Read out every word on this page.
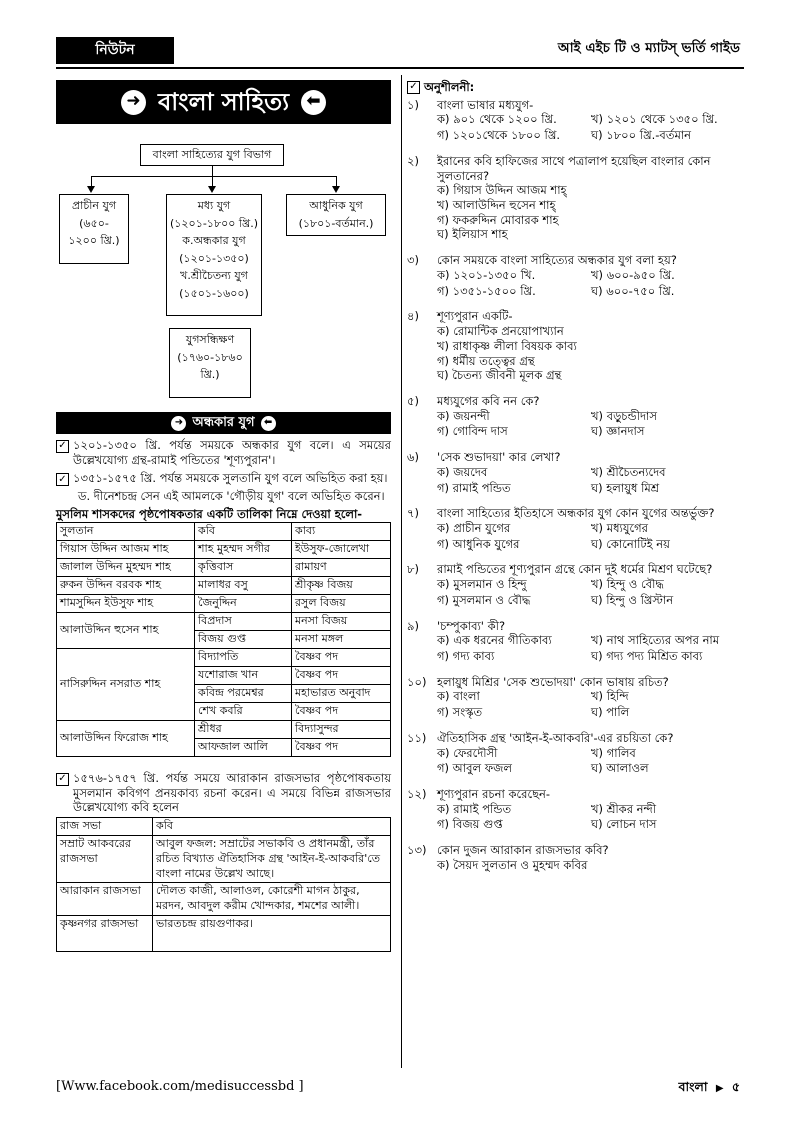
নিউটন	আই এইচ টি ও ম্যাটস্ ভর্তি গাইড
➜ বাংলা সাহিত্য	⬅
বাংলা সাহিত্যের যুগ বিভাগ
প্রাচীন যুগ
(৬৫০-
১২০০ খ্রি.)
মধ্য যুগ
(১২০১-১৮০০ খ্রি.)
ক.অন্ধকার যুগ
(১২০১-১৩৫০)
খ.শ্রীচৈতন্য যুগ
(১৫০১-১৬০০)
আধুনিক যুগ
(১৮০১-বর্তমান.)
যুগসন্ধিক্ষণ
(১৭৬০-১৮৬০
খ্রি.)
➜ অন্ধকার যুগ ⬅
✓ ১২০১-১৩৫০ খ্রি. পর্যন্ত সময়কে অন্ধকার যুগ বলে। এ সময়ের উল্লেখযোগ্য গ্রন্থ-রামাই পন্ডিতের 'শূণ্যপুরান'।
✓ ১৩৫১-১৫৭৫ খ্রি. পর্যন্ত সময়কে সুলতানি যুগ বলে অভিহিত করা হয়।
ড. দীনেশচন্দ্র সেন এই আমলকে 'গৌড়ীয় যুগ' বলে অভিহিত করেন।
মুসলিম শাসকদের পৃষ্ঠপোষকতার একটি তালিকা নিম্নে দেওয়া হলো-
সুলতান	কবি	কাব্য
গিয়াস উদ্দিন আজম শাহ	শাহ মুহম্মদ সগীর	ইউসুফ-জোলেখা
জালাল উদ্দিন মুহম্মদ শাহ	কৃত্তিবাস	রামায়ণ
রুকন উদ্দিন বরবক শাহ	মালাধর বসু	শ্রীকৃষ্ণ বিজয়
শামসুদ্দিন ইউসুফ শাহ	জৈনুদ্দিন	রসুল বিজয়
আলাউদ্দিন হুসেন শাহ	বিপ্রদাস	মনসা বিজয়
	বিজয় গুপ্ত	মনসা মঙ্গল
নাসিরুদ্দিন নসরাত শাহ	বিদ্যাপতি	বৈষ্ণব পদ
	যশোরাজ খান	বৈষ্ণব পদ
	কবিন্দ্র পরমেশ্বর	মহাভারত অনুবাদ
	শেখ কবরি	বৈষ্ণব পদ
আলাউদ্দিন ফিরোজ শাহ	শ্রীধর	বিদ্যাসুন্দর
	আফজাল আলি	বৈষ্ণব পদ
✓ ১৫৭৬-১৭৫৭ খ্রি. পর্যন্ত সময়ে আরাকান রাজসভার পৃষ্ঠপোষকতায় মুসলমান কবিগণ প্রনয়কাব্য রচনা করেন। এ সময়ে বিভিন্ন রাজসভার উল্লেখযোগ্য কবি হলেন
রাজ সভা	কবি
সম্রাট আকবরের রাজসভা	আবুল ফজল: সম্রাটের সভাকবি ও প্রধানমন্ত্রী, তাঁর রচিত বিখ্যাত ঐতিহাসিক গ্রন্থ 'আইন-ই-আকবরি'তে বাংলা নামের উল্লেখ আছে।
আরাকান রাজসভা	দৌলত কাজী, আলাওল, কোরেশী মাগন ঠাকুর, মরদন, আবদুল করীম খোন্দকার, শমশের আলী।
কৃষ্ণনগর রাজসভা	ভারতচন্দ্র রায়গুণাকর।
✓ অনুশীলনী:
১)	বাংলা ভাষার মধ্যযুগ-
ক) ৯০১ থেকে ১২০০ খ্রি.	খ) ১২০১ থেকে ১৩৫০ খ্রি.
গ) ১২০১থেকে ১৮০০ খ্রি.	ঘ) ১৮০০ খ্রি.-বর্তমান
২)	ইরানের কবি হাফিজের সাথে পত্রালাপ হয়েছিল বাংলার কোন সুলতানের?
ক) গিয়াস উদ্দিন আজম শাহ্
খ) আলাউদ্দিন হুসেন শাহ্
গ) ফকরুদ্দিন মোবারক শাহ
ঘ) ইলিয়াস শাহ
৩)	কোন সময়কে বাংলা সাহিত্যের অন্ধকার যুগ বলা হয়?
ক) ১২০১-১৩৫০ খি.	খ) ৬০০-৯৫০ খ্রি.
গ) ১৩৫১-১৫০০ খ্রি.	ঘ) ৬০০-৭৫০ খ্রি.
৪)	শূণ্যপুরান একটি-
ক) রোমান্টিক প্রনয়োপাখ্যান
খ) রাধাকৃষ্ণ লীলা বিষয়ক কাব্য
গ) ধর্মীয় তত্ত্বের গ্রন্থ
ঘ) চৈতন্য জীবনী মূলক গ্রন্থ
৫)	মধ্যযুগের কবি নন কে?
ক) জয়নন্দী	খ) বড়ুচন্ডীদাস
গ) গোবিন্দ দাস	ঘ) জ্ঞানদাস
৬)	'সেক শুভাদয়া' কার লেখা?
ক) জয়দেব	খ) শ্রীচৈতন্যদেব
গ) রামাই পন্ডিত	ঘ) হলায়ুধ মিশ্র
৭)	বাংলা সাহিত্যের ইতিহাসে অন্ধকার যুগ কোন যুগের অন্তর্ভুক্ত?
ক) প্রাচীন যুগের	খ) মধ্যযুগের
গ) আধুনিক যুগের	ঘ) কোনোটিই নয়
৮)	রামাই পন্ডিতের শূণ্যপুরান গ্রন্থে কোন দুই ধর্মের মিশ্রণ ঘটেছে?
ক) মুসলমান ও হিন্দু	খ) হিন্দু ও বৌদ্ধ
গ) মুসলমান ও বৌদ্ধ	ঘ) হিন্দু ও খ্রিস্টান
৯)	'চম্পুকাব্য' কী?
ক) এক ধরনের গীতিকাব্য	খ) নাথ সাহিত্যের অপর নাম
গ) গদ্য কাব্য	ঘ) গদ্য পদ্য মিশ্রিত কাব্য
১০) হলায়ুধ মিশ্রির 'সেক শুভোদয়া' কোন ভাষায় রচিত?
ক) বাংলা	খ) হিন্দি
গ) সংস্কৃত	ঘ) পালি
১১) ঐতিহাসিক গ্রন্থ 'আইন-ই-আকবরি'-এর রচয়িতা কে?
ক) ফেরদৌসী	খ) গালিব
গ) আবুল ফজল	ঘ) আলাওল
১২) শূণ্যপুরান রচনা করেছেন-
ক) রামাই পন্ডিত	খ) শ্রীকর নন্দী
গ) বিজয় গুপ্ত	ঘ) লোচন দাস
১৩) কোন দুজন আরাকান রাজসভার কবি?
ক) সৈয়দ সুলতান ও মুহম্মদ কবির
[Www.facebook.com/medisuccessbd ]	বাংলা ▶ ৫
